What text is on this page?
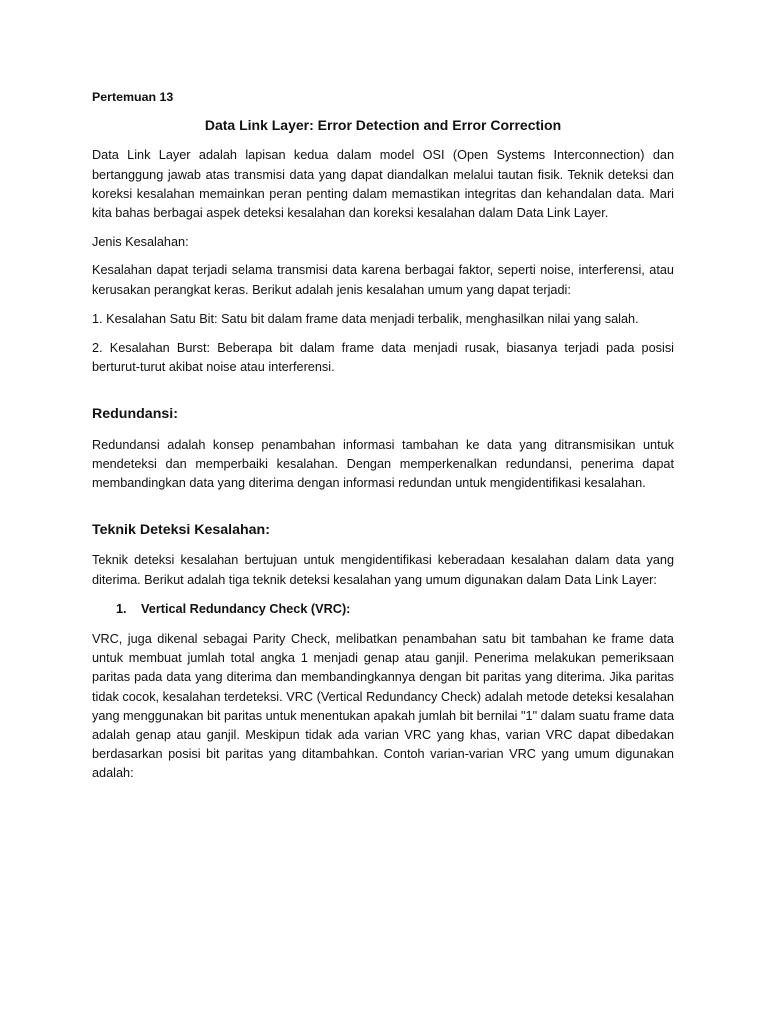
Pertemuan 13

Data Link Layer: Error Detection and Error Correction

Data Link Layer adalah lapisan kedua dalam model OSI (Open Systems Interconnection) dan bertanggung jawab atas transmisi data yang dapat diandalkan melalui tautan fisik. Teknik deteksi dan koreksi kesalahan memainkan peran penting dalam memastikan integritas dan kehandalan data. Mari kita bahas berbagai aspek deteksi kesalahan dan koreksi kesalahan dalam Data Link Layer.

Jenis Kesalahan:

Kesalahan dapat terjadi selama transmisi data karena berbagai faktor, seperti noise, interferensi, atau kerusakan perangkat keras. Berikut adalah jenis kesalahan umum yang dapat terjadi:

1. Kesalahan Satu Bit: Satu bit dalam frame data menjadi terbalik, menghasilkan nilai yang salah.

2. Kesalahan Burst: Beberapa bit dalam frame data menjadi rusak, biasanya terjadi pada posisi berturut-turut akibat noise atau interferensi.

Redundansi:

Redundansi adalah konsep penambahan informasi tambahan ke data yang ditransmisikan untuk mendeteksi dan memperbaiki kesalahan. Dengan memperkenalkan redundansi, penerima dapat membandingkan data yang diterima dengan informasi redundan untuk mengidentifikasi kesalahan.

Teknik Deteksi Kesalahan:

Teknik deteksi kesalahan bertujuan untuk mengidentifikasi keberadaan kesalahan dalam data yang diterima. Berikut adalah tiga teknik deteksi kesalahan yang umum digunakan dalam Data Link Layer:

1.	Vertical Redundancy Check (VRC):

VRC, juga dikenal sebagai Parity Check, melibatkan penambahan satu bit tambahan ke frame data untuk membuat jumlah total angka 1 menjadi genap atau ganjil. Penerima melakukan pemeriksaan paritas pada data yang diterima dan membandingkannya dengan bit paritas yang diterima. Jika paritas tidak cocok, kesalahan terdeteksi. VRC (Vertical Redundancy Check) adalah metode deteksi kesalahan yang menggunakan bit paritas untuk menentukan apakah jumlah bit bernilai "1" dalam suatu frame data adalah genap atau ganjil. Meskipun tidak ada varian VRC yang khas, varian VRC dapat dibedakan berdasarkan posisi bit paritas yang ditambahkan. Contoh varian-varian VRC yang umum digunakan adalah:
